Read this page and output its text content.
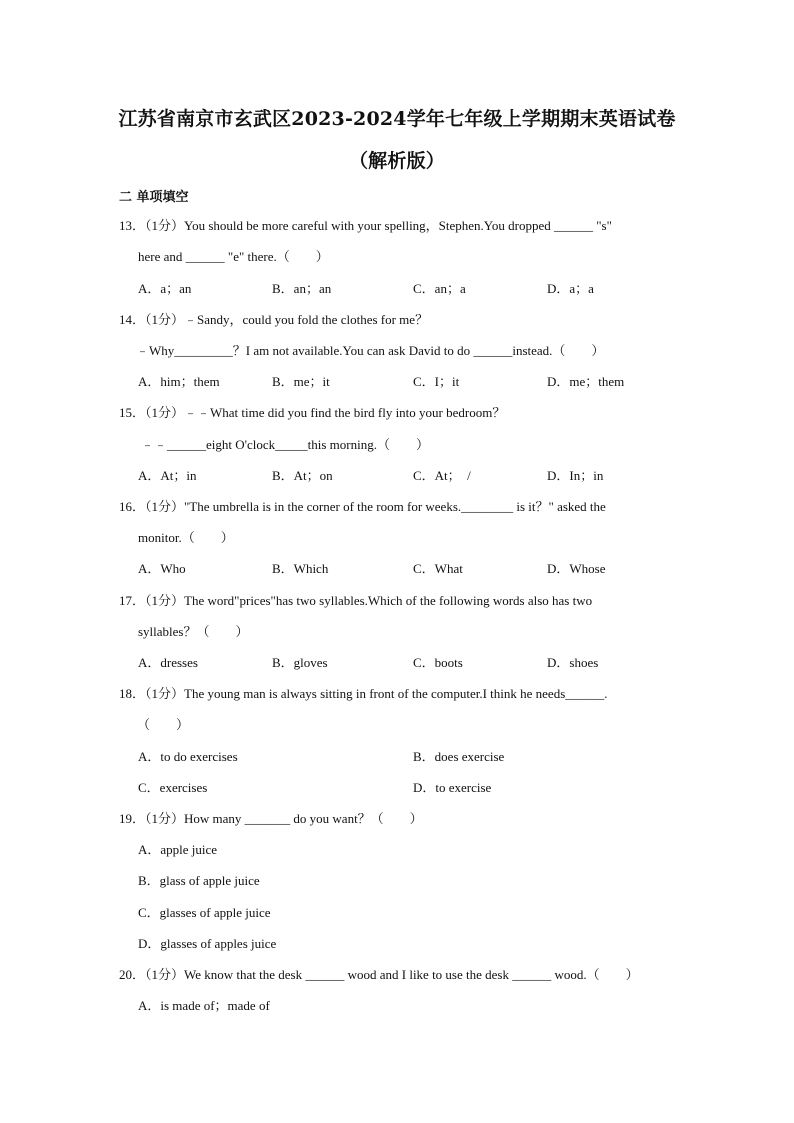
江苏省南京市玄武区2023-2024学年七年级上学期期末英语试卷
（解析版）
二 单项填空
13．（1分）You should be more careful with your spelling，Stephen.You dropped ______ "s"
here and ______ "e" there.（　　）
A．a；an	B．an；an	C．an；a	D．a；a
14．（1分）﹣Sandy，could you fold the clothes for me？
﹣Why_________？I am not available.You can ask David to do ______instead.（　　）
A．him；them	B．me；it	C．I；it	D．me；them
15．（1分）﹣﹣What time did you find the bird fly into your bedroom？
﹣﹣______eight O'clock_____this morning.（　　）
A．At；in	B．At；on	C．At；　/	D．In；in
16．（1分）"The umbrella is in the corner of the room for weeks.________ is it？" asked the
monitor.（　　）
A．Who	B．Which	C．What	D．Whose
17．（1分）The word"prices"has two syllables.Which of the following words also has two
syllables？（　　）
A．dresses	B．gloves	C．boots	D．shoes
18．（1分）The young man is always sitting in front of the computer.I think he needs______.
（　　）
A．to do exercises	B．does exercise
C．exercises	D．to exercise
19．（1分）How many _______ do you want？（　　）
A．apple juice
B．glass of apple juice
C．glasses of apple juice
D．glasses of apples juice
20．（1分）We know that the desk ______ wood and I like to use the desk ______ wood.（　　）
A．is made of；made of
